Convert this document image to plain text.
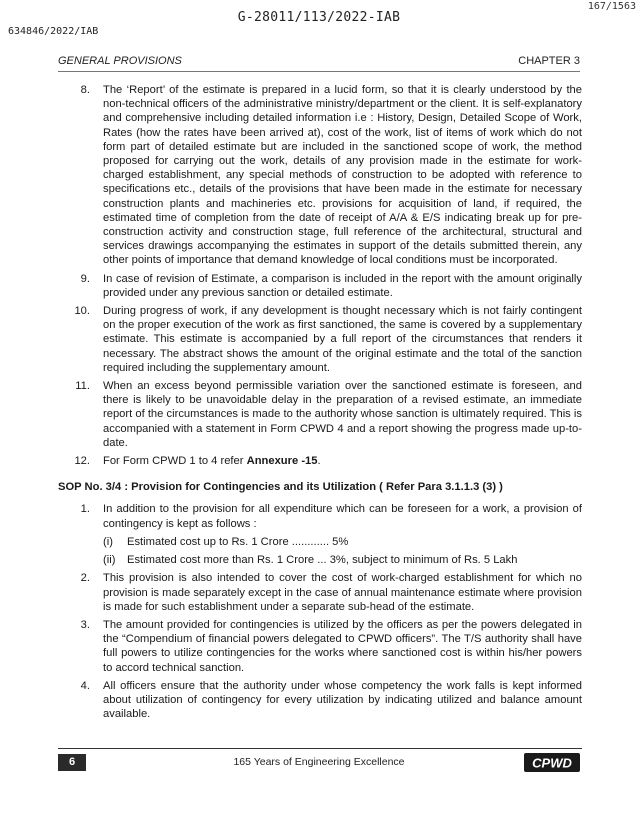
167/1563
G-28011/113/2022-IAB
634846/2022/IAB
GENERAL PROVISIONS	CHAPTER 3
8. The ‘Report’ of the estimate is prepared in a lucid form, so that it is clearly understood by the non-technical officers of the administrative ministry/department or the client. It is self-explanatory and comprehensive including detailed information i.e : History, Design, Detailed Scope of Work, Rates (how the rates have been arrived at), cost of the work, list of items of work which do not form part of detailed estimate but are included in the sanctioned scope of work, the method proposed for carrying out the work, details of any provision made in the estimate for work-charged establishment, any special methods of construction to be adopted with reference to specifications etc., details of the provisions that have been made in the estimate for necessary construction plants and machineries etc. provisions for acquisition of land, if required, the estimated time of completion from the date of receipt of A/A & E/S indicating break up for pre-construction activity and construction stage, full reference of the architectural, structural and services drawings accompanying the estimates in support of the details submitted therein, any other points of importance that demand knowledge of local conditions must be incorporated.
9. In case of revision of Estimate, a comparison is included in the report with the amount originally provided under any previous sanction or detailed estimate.
10. During progress of work, if any development is thought necessary which is not fairly contingent on the proper execution of the work as first sanctioned, the same is covered by a supplementary estimate. This estimate is accompanied by a full report of the circumstances that renders it necessary. The abstract shows the amount of the original estimate and the total of the sanction required including the supplementary amount.
11. When an excess beyond permissible variation over the sanctioned estimate is foreseen, and there is likely to be unavoidable delay in the preparation of a revised estimate, an immediate report of the circumstances is made to the authority whose sanction is ultimately required. This is accompanied with a statement in Form CPWD 4 and a report showing the progress made up-to-date.
12. For Form CPWD 1 to 4 refer Annexure -15.
SOP No. 3/4 : Provision for Contingencies and its Utilization ( Refer Para 3.1.1.3 (3) )
1. In addition to the provision for all expenditure which can be foreseen for a work, a provision of contingency is kept as follows :
(i) Estimated cost up to Rs. 1 Crore ............ 5%
(ii) Estimated cost more than Rs. 1 Crore ... 3%, subject to minimum of Rs. 5 Lakh
2. This provision is also intended to cover the cost of work-charged establishment for which no provision is made separately except in the case of annual maintenance estimate where provision is made for such establishment under a separate sub-head of the estimate.
3. The amount provided for contingencies is utilized by the officers as per the powers delegated in the “Compendium of financial powers delegated to CPWD officers”. The T/S authority shall have full powers to utilize contingencies for the works where sanctioned cost is within his/her powers to accord technical sanction.
4. All officers ensure that the authority under whose competency the work falls is kept informed about utilization of contingency for every utilization by indicating utilized and balance amount available.
6	165 Years of Engineering Excellence	CPWD
